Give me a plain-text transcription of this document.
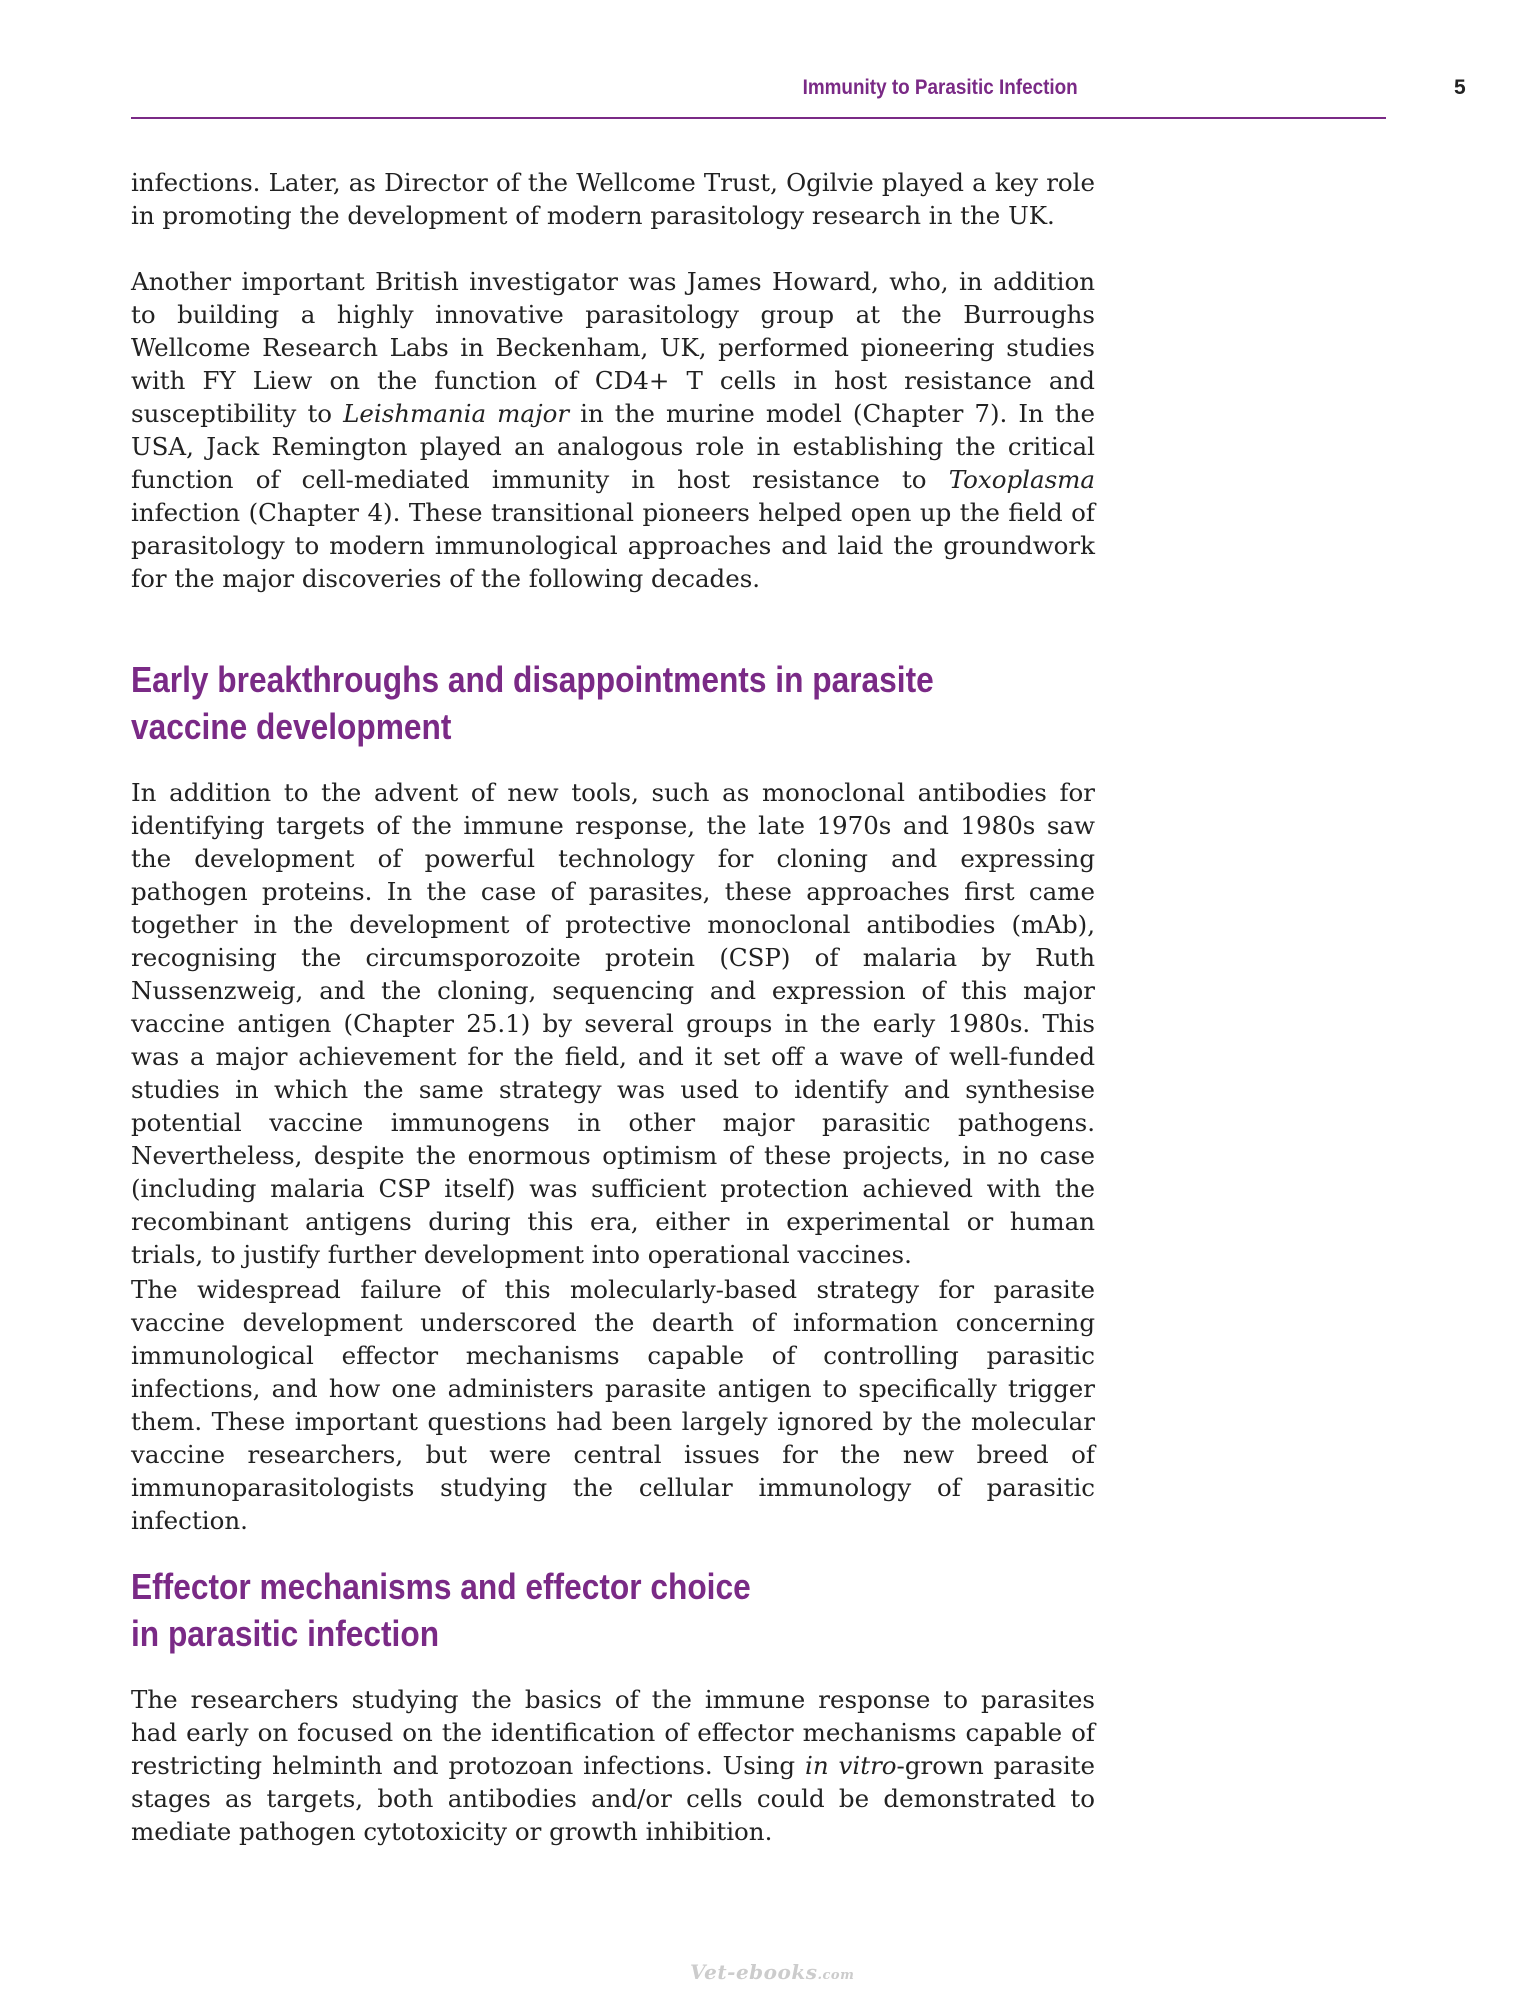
Immunity to Parasitic Infection	5

infections. Later, as Director of the Wellcome Trust, Ogilvie played a key role in promoting the development of modern parasitology research in the UK.

Another important British investigator was James Howard, who, in addition to building a highly innovative parasitology group at the Burroughs Wellcome Research Labs in Beckenham, UK, performed pioneering studies with FY Liew on the function of CD4+ T cells in host resistance and susceptibility to Leishmania major in the murine model (Chapter 7). In the USA, Jack Remington played an analogous role in establishing the critical function of cell-mediated immunity in host resistance to Toxoplasma infection (Chapter 4). These transitional pioneers helped open up the field of parasitology to modern immunological approaches and laid the groundwork for the major discoveries of the following decades.

Early breakthroughs and disappointments in parasite
vaccine development

In addition to the advent of new tools, such as monoclonal antibodies for identifying targets of the immune response, the late 1970s and 1980s saw the development of powerful technology for cloning and expressing pathogen proteins. In the case of parasites, these approaches first came together in the development of protective monoclonal antibodies (mAb), recognising the circumsporozoite protein (CSP) of malaria by Ruth Nussenzweig, and the cloning, sequencing and expression of this major vaccine antigen (Chapter 25.1) by several groups in the early 1980s. This was a major achievement for the field, and it set off a wave of well-funded studies in which the same strategy was used to identify and synthesise potential vaccine immunogens in other major parasitic pathogens. Nevertheless, despite the enormous optimism of these projects, in no case (including malaria CSP itself) was sufficient protection achieved with the recombinant antigens during this era, either in experimental or human trials, to justify further development into operational vaccines.

The widespread failure of this molecularly-based strategy for parasite vaccine development underscored the dearth of information concerning immunological effector mechanisms capable of controlling parasitic infections, and how one administers parasite antigen to specifically trigger them. These important questions had been largely ignored by the molecular vaccine researchers, but were central issues for the new breed of immunoparasitologists studying the cellular immunology of parasitic infection.

Effector mechanisms and effector choice
in parasitic infection

The researchers studying the basics of the immune response to parasites had early on focused on the identification of effector mechanisms capable of restricting helminth and protozoan infections. Using in vitro-grown parasite stages as targets, both antibodies and/or cells could be demonstrated to mediate pathogen cytotoxicity or growth inhibition.

Vet-ebooks.com
